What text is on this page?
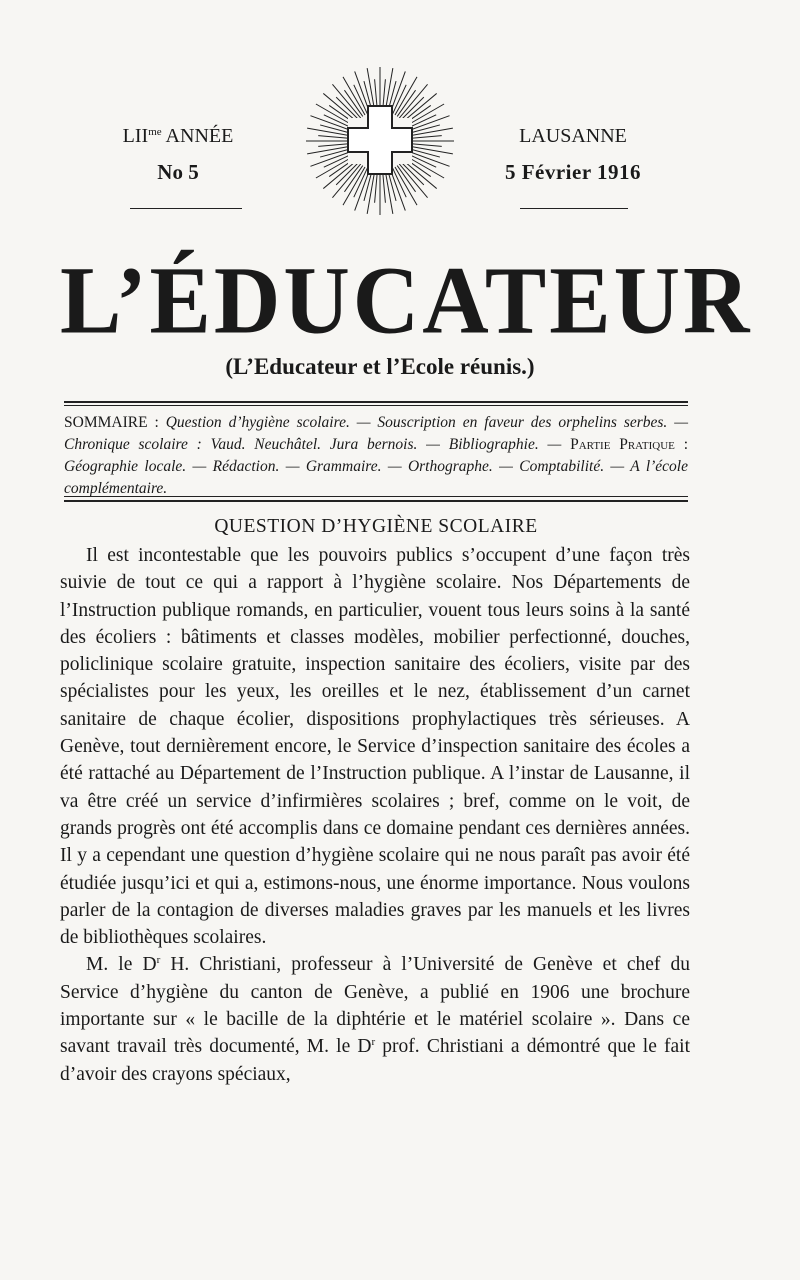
$LII^{me}$ ANNÉE
No 5
LAUSANNE
5 Février 1916
L’ÉDUCATEUR
(L’Educateur et l’Ecole réunis.)
SOMMAIRE : Question d’hygiène scolaire. — Souscription en faveur des orphelins serbes. — Chronique scolaire : Vaud. Neuchâtel. Jura bernois. — Bibliographie. — Partie Pratique : Géographie locale. — Rédaction. — Grammaire. — Orthographe. — Comptabilité. — A l’école complémentaire.
QUESTION D’HYGIÈNE SCOLAIRE

Il est incontestable que les pouvoirs publics s’occupent d’une façon très suivie de tout ce qui a rapport à l’hygiène scolaire. Nos Départements de l’Instruction publique romands, en particulier, vouent tous leurs soins à la santé des écoliers : bâtiments et classes modèles, mobilier perfectionné, douches, policlinique scolaire gratuite, inspection sanitaire des écoliers, visite par des spécialistes pour les yeux, les oreilles et le nez, établissement d’un carnet sanitaire de chaque écolier, dispositions prophylactiques très sérieuses. A Genève, tout dernièrement encore, le Service d’inspection sanitaire des écoles a été rattaché au Département de l’Instruction publique. A l’instar de Lausanne, il va être créé un service d’infirmières scolaires ; bref, comme on le voit, de grands progrès ont été accomplis dans ce domaine pendant ces dernières années. Il y a cependant une question d’hygiène scolaire qui ne nous paraît pas avoir été étudiée jusqu’ici et qui a, estimons-nous, une énorme importance. Nous voulons parler de la contagion de diverses maladies graves par les manuels et les livres de bibliothèques scolaires.

M. le $D^r$ H. Christiani, professeur à l’Université de Genève et chef du Service d’hygiène du canton de Genève, a publié en 1906 une brochure importante sur « le bacille de la diphtérie et le matériel scolaire ». Dans ce savant travail très documenté, M. le $D^r$ prof. Christiani a démontré que le fait d’avoir des crayons spéciaux,
